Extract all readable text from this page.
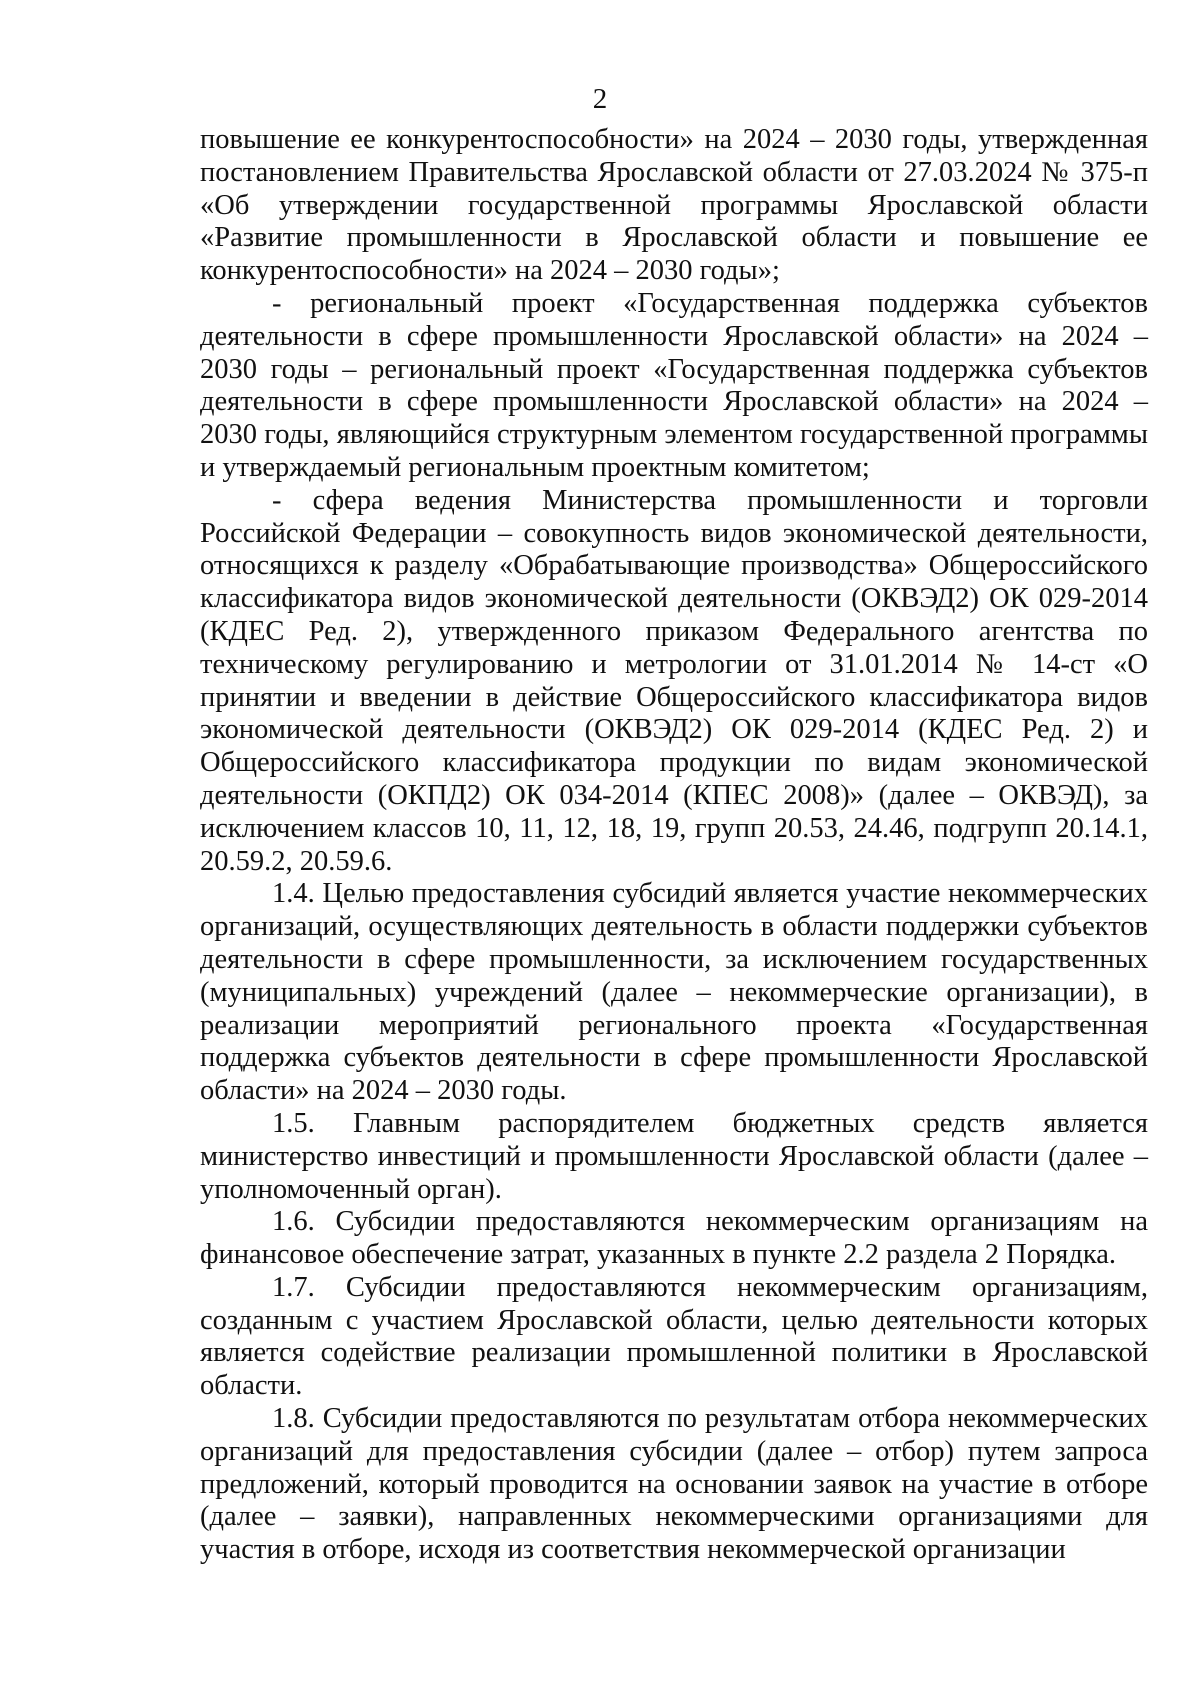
2

повышение ее конкурентоспособности» на 2024 – 2030 годы, утвержденная постановлением Правительства Ярославской области от 27.03.2024 № 375-п «Об утверждении государственной программы Ярославской области «Развитие промышленности в Ярославской области и повышение ее конкурентоспособности» на 2024 – 2030 годы»;

- региональный проект «Государственная поддержка субъектов деятельности в сфере промышленности Ярославской области» на 2024 – 2030 годы – региональный проект «Государственная поддержка субъектов деятельности в сфере промышленности Ярославской области» на 2024 – 2030 годы, являющийся структурным элементом государственной программы и утверждаемый региональным проектным комитетом;

- сфера ведения Министерства промышленности и торговли Российской Федерации – совокупность видов экономической деятельности, относящихся к разделу «Обрабатывающие производства» Общероссийского классификатора видов экономической деятельности (ОКВЭД2) ОК 029-2014 (КДЕС Ред. 2), утвержденного приказом Федерального агентства по техническому регулированию и метрологии от 31.01.2014 № 14-ст «О принятии и введении в действие Общероссийского классификатора видов экономической деятельности (ОКВЭД2) ОК 029-2014 (КДЕС Ред. 2) и Общероссийского классификатора продукции по видам экономической деятельности (ОКПД2) ОК 034-2014 (КПЕС 2008)» (далее – ОКВЭД), за исключением классов 10, 11, 12, 18, 19, групп 20.53, 24.46, подгрупп 20.14.1, 20.59.2, 20.59.6.

1.4. Целью предоставления субсидий является участие некоммерческих организаций, осуществляющих деятельность в области поддержки субъектов деятельности в сфере промышленности, за исключением государственных (муниципальных) учреждений (далее – некоммерческие организации), в реализации мероприятий регионального проекта «Государственная поддержка субъектов деятельности в сфере промышленности Ярославской области» на 2024 – 2030 годы.

1.5. Главным распорядителем бюджетных средств является министерство инвестиций и промышленности Ярославской области (далее – уполномоченный орган).

1.6. Субсидии предоставляются некоммерческим организациям на финансовое обеспечение затрат, указанных в пункте 2.2 раздела 2 Порядка.

1.7. Субсидии предоставляются некоммерческим организациям, созданным с участием Ярославской области, целью деятельности которых является содействие реализации промышленной политики в Ярославской области.

1.8. Субсидии предоставляются по результатам отбора некоммерческих организаций для предоставления субсидии (далее – отбор) путем запроса предложений, который проводится на основании заявок на участие в отборе (далее – заявки), направленных некоммерческими организациями для участия в отборе, исходя из соответствия некоммерческой организации
